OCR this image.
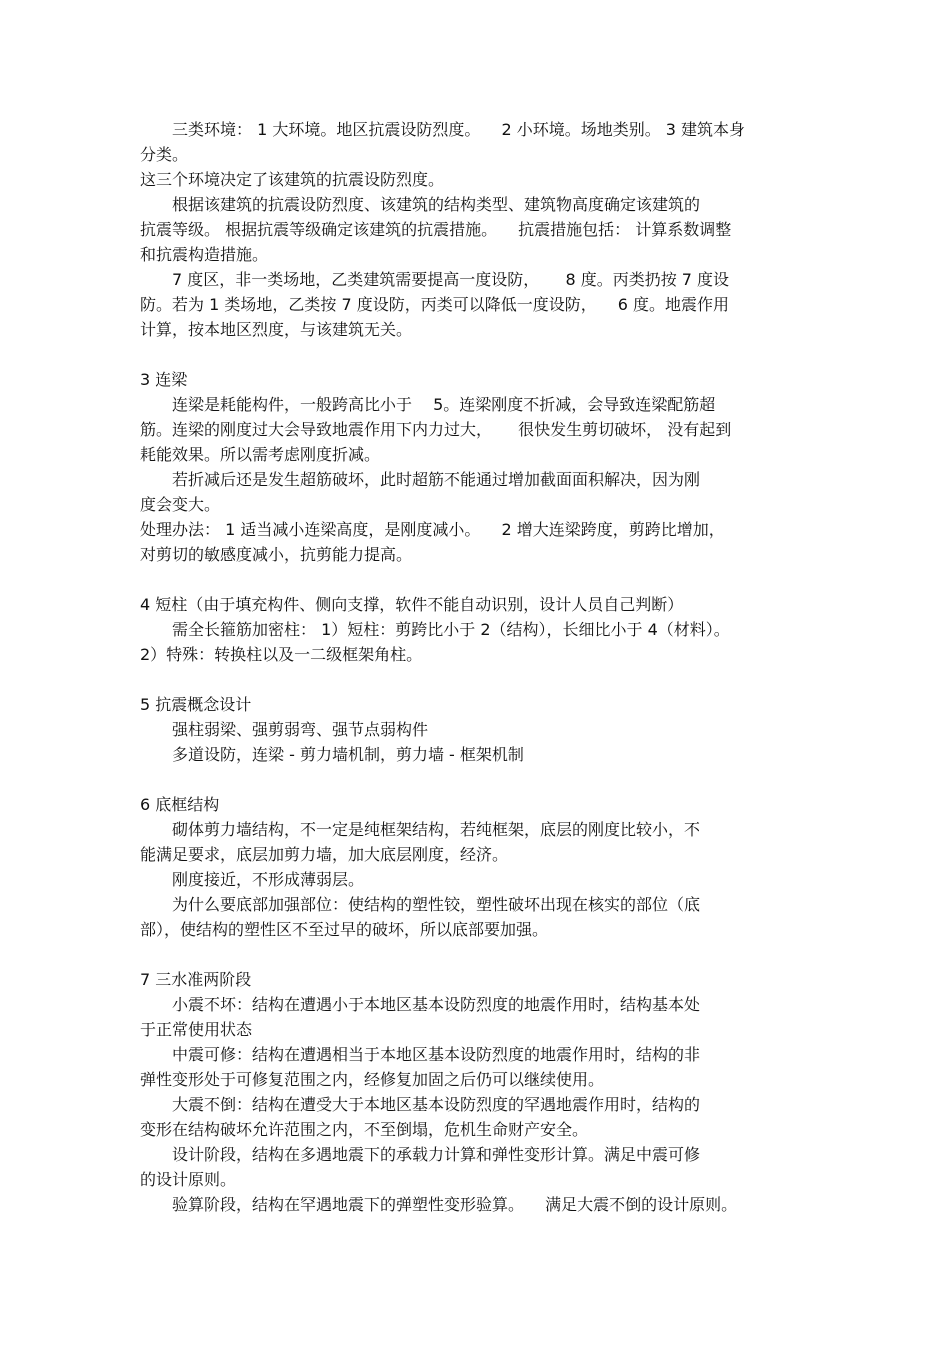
　　三类环境： 1 大环境。地区抗震设防烈度。 　2 小环境。场地类别。 3 建筑本身
分类。
这三个环境决定了该建筑的抗震设防烈度。
　　根据该建筑的抗震设防烈度、该建筑的结构类型、建筑物高度确定该建筑的
抗震等级。 根据抗震等级确定该建筑的抗震措施。 　抗震措施包括： 计算系数调整
和抗震构造措施。
　　7 度区，非一类场地，乙类建筑需要提高一度设防， 　 8 度。丙类扔按 7 度设
防。若为 1 类场地，乙类按 7 度设防，丙类可以降低一度设防， 　6 度。地震作用
计算，按本地区烈度，与该建筑无关。
3 连梁
　　连梁是耗能构件，一般跨高比小于 　5。连梁刚度不折减，会导致连梁配筋超
筋。连梁的刚度过大会导致地震作用下内力过大， 　 很快发生剪切破坏， 没有起到
耗能效果。所以需考虑刚度折减。
　　若折减后还是发生超筋破坏，此时超筋不能通过增加截面面积解决，因为刚
度会变大。
处理办法： 1 适当减小连梁高度，是刚度减小。 　2 增大连梁跨度，剪跨比增加，
对剪切的敏感度减小，抗剪能力提高。
4 短柱（由于填充构件、侧向支撑，软件不能自动识别，设计人员自己判断）
　　需全长箍筋加密柱： 1）短柱：剪跨比小于 2（结构），长细比小于 4（材料）。
2）特殊：转换柱以及一二级框架角柱。
5 抗震概念设计
　　强柱弱梁、强剪弱弯、强节点弱构件
　　多道设防，连梁 - 剪力墙机制，剪力墙 - 框架机制
6 底框结构
　　砌体剪力墙结构，不一定是纯框架结构，若纯框架，底层的刚度比较小，不
能满足要求，底层加剪力墙，加大底层刚度，经济。
　　刚度接近，不形成薄弱层。
　　为什么要底部加强部位：使结构的塑性铰，塑性破坏出现在核实的部位（底
部），使结构的塑性区不至过早的破坏，所以底部要加强。
7 三水准两阶段
　　小震不坏：结构在遭遇小于本地区基本设防烈度的地震作用时，结构基本处
于正常使用状态
　　中震可修：结构在遭遇相当于本地区基本设防烈度的地震作用时，结构的非
弹性变形处于可修复范围之内，经修复加固之后仍可以继续使用。
　　大震不倒：结构在遭受大于本地区基本设防烈度的罕遇地震作用时，结构的
变形在结构破坏允许范围之内，不至倒塌，危机生命财产安全。
　　设计阶段，结构在多遇地震下的承载力计算和弹性变形计算。满足中震可修
的设计原则。
　　验算阶段，结构在罕遇地震下的弹塑性变形验算。 　满足大震不倒的设计原则。
